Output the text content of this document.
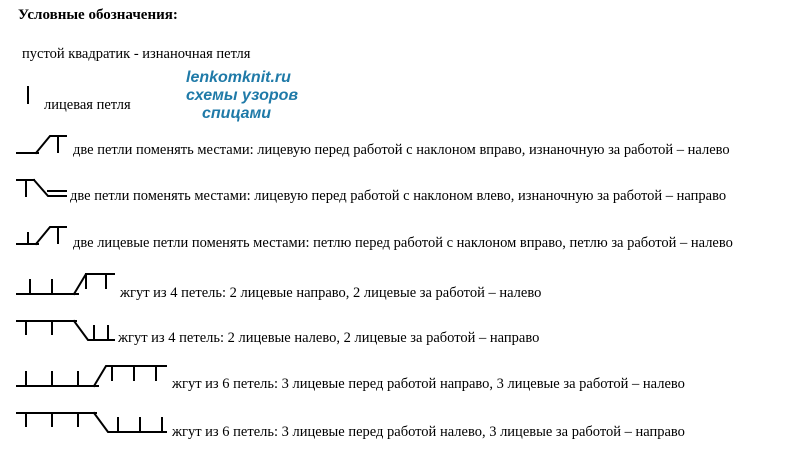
Условные обозначения:
пустой квадратик - изнаночная петля
лицевая петля
lenkomknit.ru
схемы узоров
спицами
две петли поменять местами: лицевую перед работой с наклоном вправо, изнаночную за работой – налево
две петли поменять местами: лицевую перед работой с наклоном влево, изнаночную за работой – направо
две лицевые петли поменять местами: петлю перед работой с наклоном вправо, петлю за работой – налево
жгут из 4 петель: 2 лицевые направо, 2 лицевые за работой – налево
жгут из 4 петель: 2 лицевые налево, 2 лицевые за работой – направо
жгут из 6 петель: 3 лицевые перед работой направо, 3 лицевые за работой – налево
жгут из 6 петель: 3 лицевые перед работой налево, 3 лицевые за работой – направо
